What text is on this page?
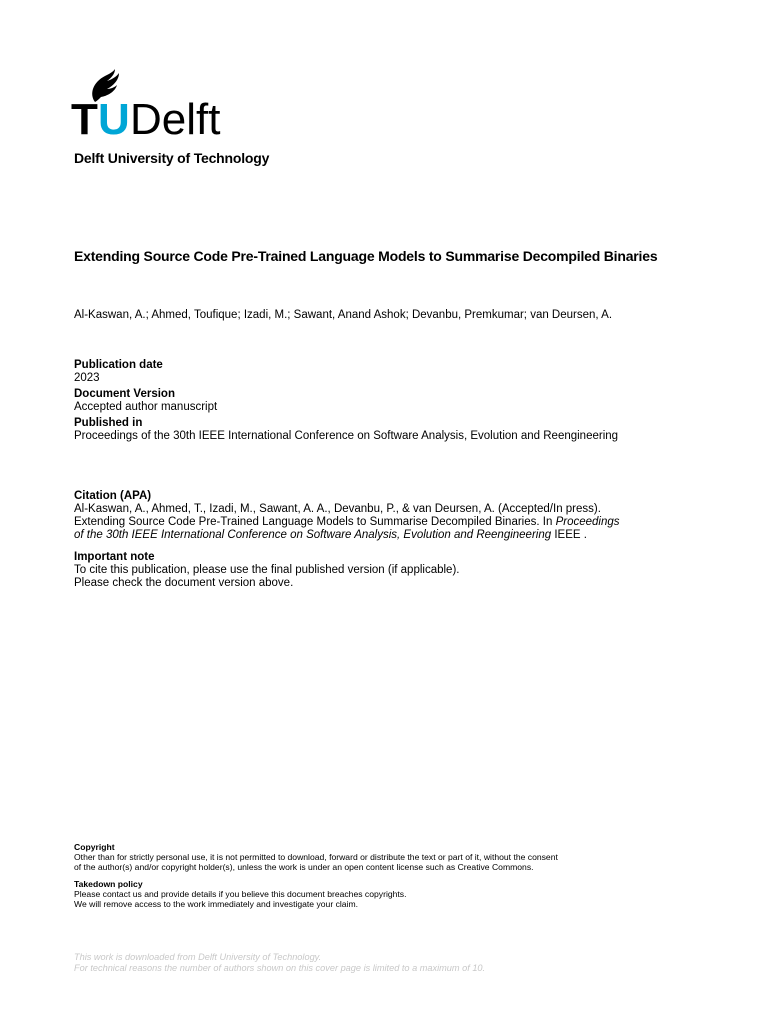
T U Delft
Delft University of Technology
Extending Source Code Pre-Trained Language Models to Summarise Decompiled Binaries
Al-Kaswan, A.; Ahmed, Toufique; Izadi, M.; Sawant, Anand Ashok; Devanbu, Premkumar; van Deursen, A.
Publication date
2023
Document Version
Accepted author manuscript
Published in
Proceedings of the 30th IEEE International Conference on Software Analysis, Evolution and Reengineering
Citation (APA)
Al-Kaswan, A., Ahmed, T., Izadi, M., Sawant, A. A., Devanbu, P., & van Deursen, A. (Accepted/In press).
Extending Source Code Pre-Trained Language Models to Summarise Decompiled Binaries. In Proceedings
of the 30th IEEE International Conference on Software Analysis, Evolution and Reengineering IEEE .
Important note
To cite this publication, please use the final published version (if applicable).
Please check the document version above.
Copyright
Other than for strictly personal use, it is not permitted to download, forward or distribute the text or part of it, without the consent
of the author(s) and/or copyright holder(s), unless the work is under an open content license such as Creative Commons.
Takedown policy
Please contact us and provide details if you believe this document breaches copyrights.
We will remove access to the work immediately and investigate your claim.
This work is downloaded from Delft University of Technology.
For technical reasons the number of authors shown on this cover page is limited to a maximum of 10.
